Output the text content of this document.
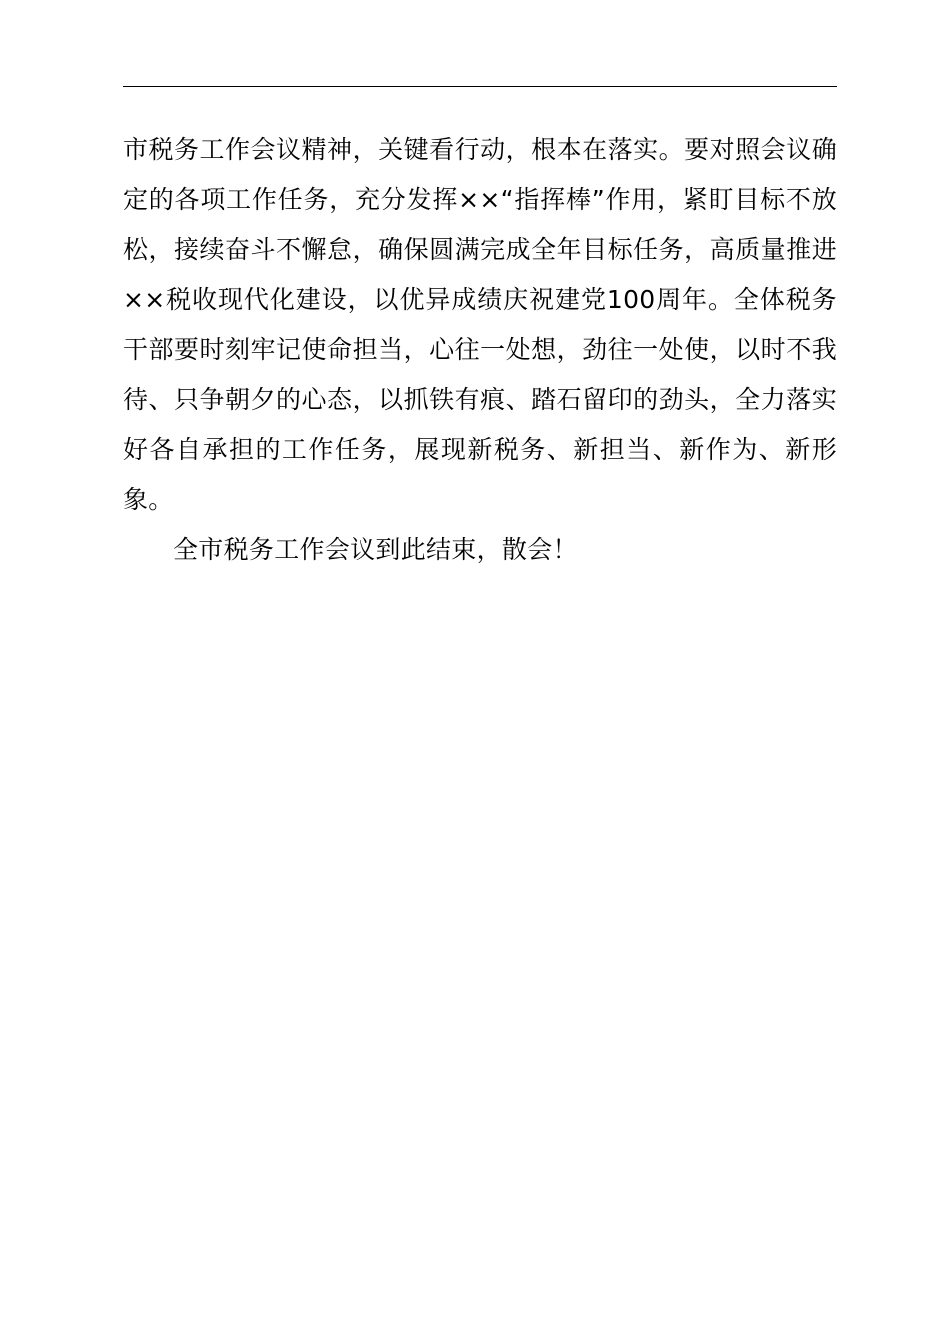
市税务工作会议精神，关键看行动，根本在落实。要对照会议确定的各项工作任务，充分发挥××“指挥棒”作用，紧盯目标不放松，接续奋斗不懈怠，确保圆满完成全年目标任务，高质量推进××税收现代化建设，以优异成绩庆祝建党100周年。全体税务干部要时刻牢记使命担当，心往一处想，劲往一处使，以时不我待、只争朝夕的心态，以抓铁有痕、踏石留印的劲头，全力落实好各自承担的工作任务，展现新税务、新担当、新作为、新形象。

全市税务工作会议到此结束，散会！
